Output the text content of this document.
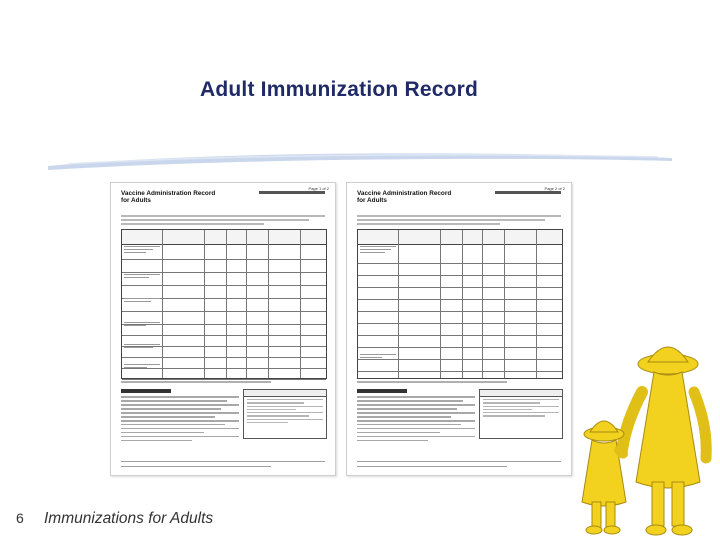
Adult Immunization Record
Page 1 of 2
Vaccine Administration Record
for Adults
Page 2 of 2
Vaccine Administration Record
for Adults
6 Immunizations for Adults
